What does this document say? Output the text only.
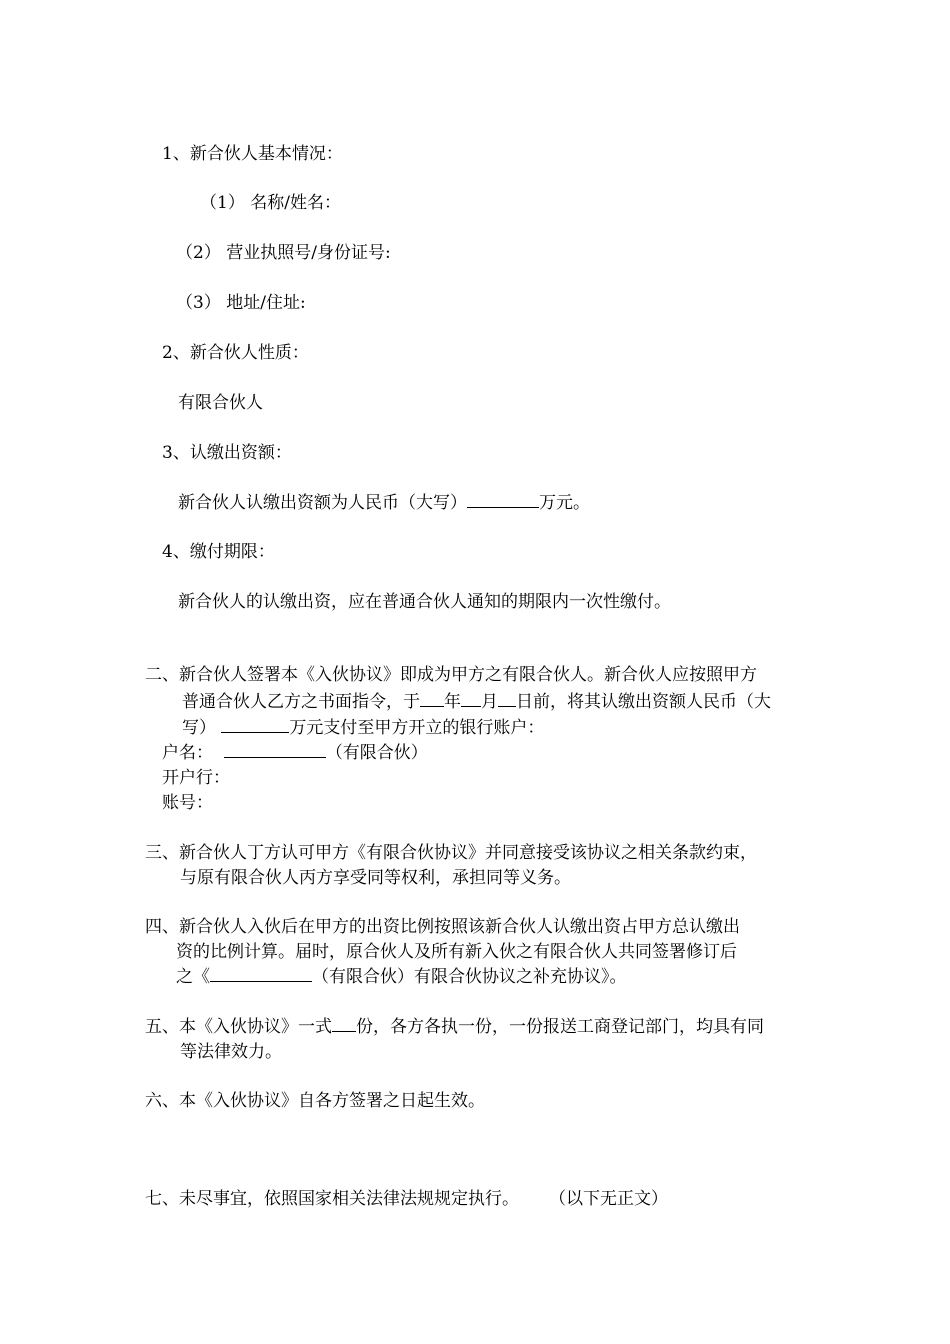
1、新合伙人基本情况：
（1） 名称/姓名：
（2） 营业执照号/身份证号:
（3） 地址/住址:
2、新合伙人性质：
有限合伙人
3、认缴出资额：
新合伙人认缴出资额为人民币（大写）	万元。
4、缴付期限：
新合伙人的认缴出资，应在普通合伙人通知的期限内一次性缴付。
二、新合伙人签署本《入伙协议》即成为甲方之有限合伙人。新合伙人应按照甲方
普通合伙人乙方之书面指令，于 年 月 日前，将其认缴出资额人民币（大
写）	万元支付至甲方开立的银行账户：
户名：	（有限合伙）
开户行：
账号：
三、新合伙人丁方认可甲方《有限合伙协议》并同意接受该协议之相关条款约束，
与原有限合伙人丙方享受同等权利，承担同等义务。
四、新合伙人入伙后在甲方的出资比例按照该新合伙人认缴出资占甲方总认缴出
资的比例计算。届时，原合伙人及所有新入伙之有限合伙人共同签署修订后
之《	（有限合伙）有限合伙协议之补充协议》。
五、本《入伙协议》一式 份，各方各执一份，一份报送工商登记部门，均具有同
等法律效力。
六、本《入伙协议》自各方签署之日起生效。
七、未尽事宜，依照国家相关法律法规规定执行。 （以下无正文）
